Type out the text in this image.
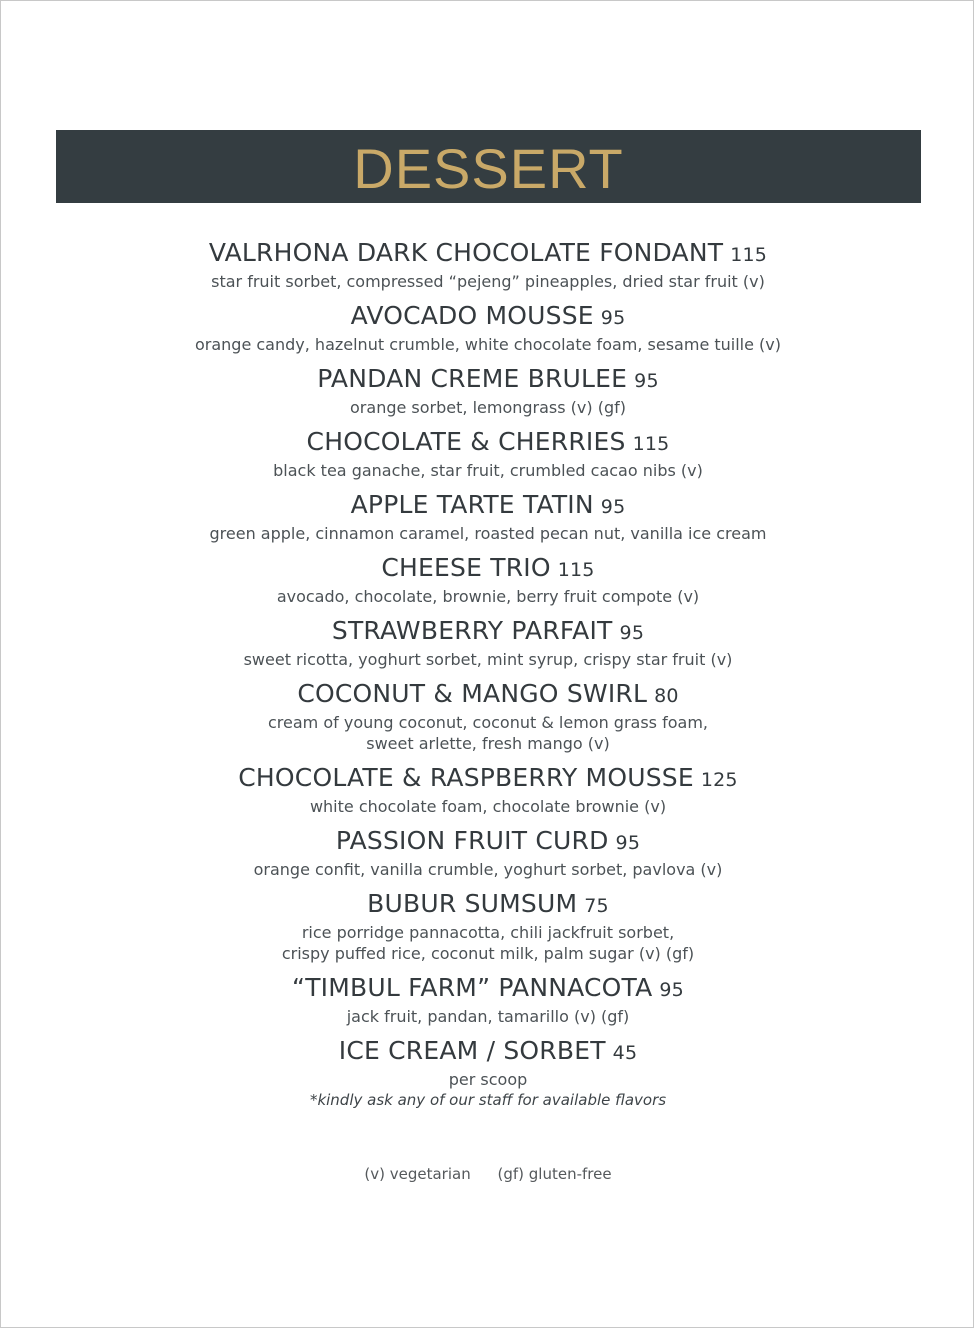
DESSERT
VALRHONA DARK CHOCOLATE FONDANT 115
star fruit sorbet, compressed “pejeng” pineapples, dried star fruit (v)
AVOCADO MOUSSE 95
orange candy, hazelnut crumble, white chocolate foam, sesame tuille (v)
PANDAN CREME BRULEE 95
orange sorbet, lemongrass (v) (gf)
CHOCOLATE & CHERRIES 115
black tea ganache, star fruit, crumbled cacao nibs (v)
APPLE TARTE TATIN 95
green apple, cinnamon caramel, roasted pecan nut, vanilla ice cream
CHEESE TRIO 115
avocado, chocolate, brownie, berry fruit compote (v)
STRAWBERRY PARFAIT 95
sweet ricotta, yoghurt sorbet, mint syrup, crispy star fruit (v)
COCONUT & MANGO SWIRL 80
cream of young coconut, coconut & lemon grass foam,
sweet arlette, fresh mango (v)
CHOCOLATE & RASPBERRY MOUSSE 125
white chocolate foam, chocolate brownie (v)
PASSION FRUIT CURD 95
orange confit, vanilla crumble, yoghurt sorbet, pavlova (v)
BUBUR SUMSUM 75
rice porridge pannacotta, chili jackfruit sorbet,
crispy puffed rice, coconut milk, palm sugar (v) (gf)
“TIMBUL FARM” PANNACOTA 95
jack fruit, pandan, tamarillo (v) (gf)
ICE CREAM / SORBET 45
per scoop
*kindly ask any of our staff for available flavors
(v) vegetarian (gf) gluten-free
